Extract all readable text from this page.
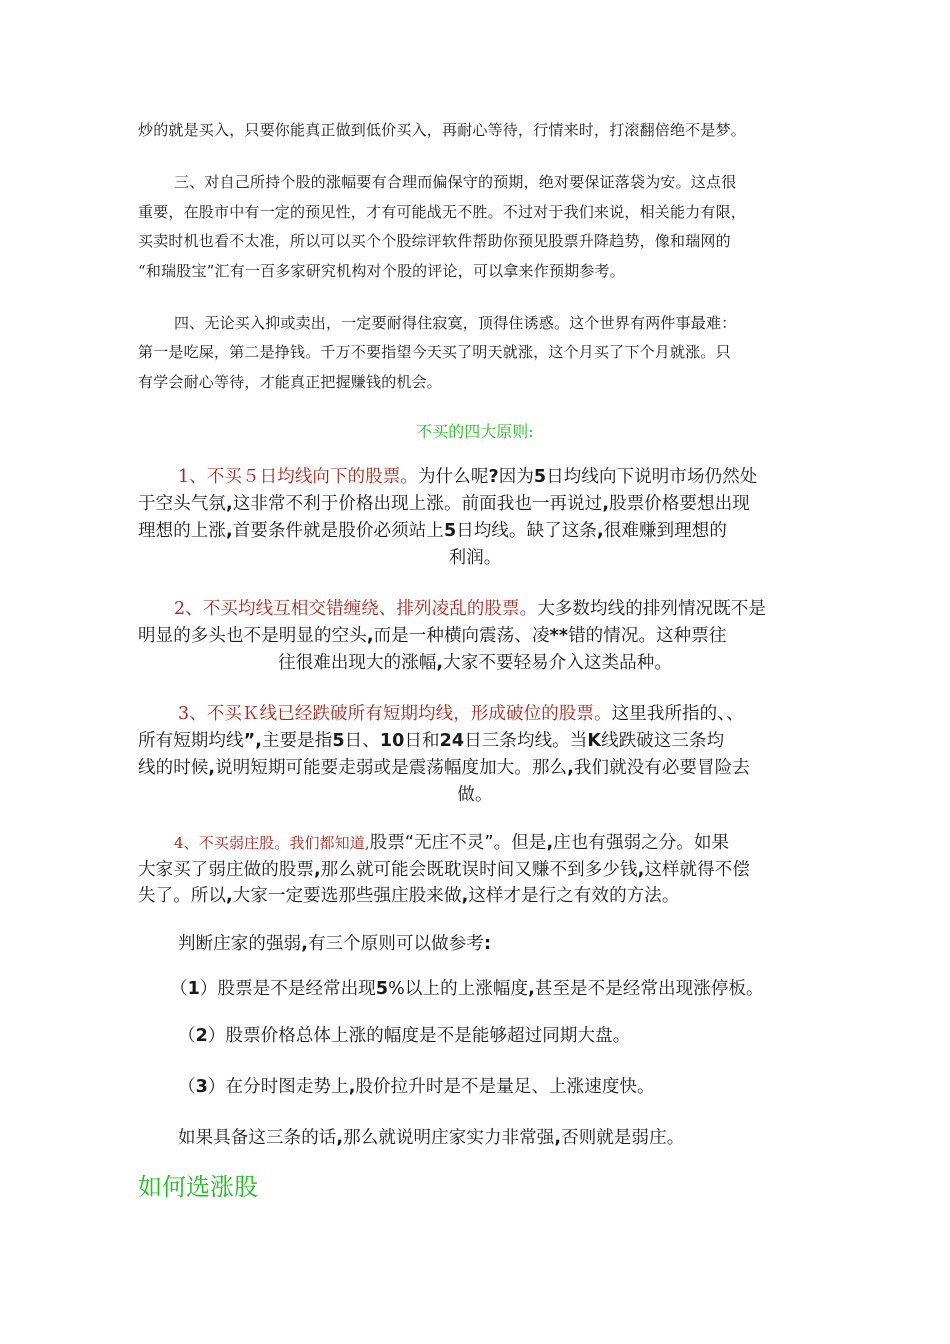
炒的就是买入，只要你能真正做到低价买入，再耐心等待，行情来时，打滚翻倍绝不是梦。
三、对自己所持个股的涨幅要有合理而偏保守的预期，绝对要保证落袋为安。这点很
重要，在股市中有一定的预见性，才有可能战无不胜。不过对于我们来说，相关能力有限，
买卖时机也看不太准，所以可以买个个股综评软件帮助你预见股票升降趋势，像和瑞网的
“和瑞股宝”汇有一百多家研究机构对个股的评论，可以拿来作预期参考。
四、无论买入抑或卖出，一定要耐得住寂寞，顶得住诱惑。这个世界有两件事最难：
第一是吃屎，第二是挣钱。千万不要指望今天买了明天就涨，这个月买了下个月就涨。只
有学会耐心等待，才能真正把握赚钱的机会。
不买的四大原则:
1、不买５日均线向下的股票。为什么呢?因为5日均线向下说明市场仍然处
于空头气氛,这非常不利于价格出现上涨。前面我也一再说过,股票价格要想出现
理想的上涨,首要条件就是股价必须站上5日均线。缺了这条,很难赚到理想的
利润。
2、不买均线互相交错缠绕、排列凌乱的股票。大多数均线的排列情况既不是
明显的多头也不是明显的空头,而是一种横向震荡、凌**错的情况。这种票往
往很难出现大的涨幅,大家不要轻易介入这类品种。
3、不买Ｋ线已经跌破所有短期均线，形成破位的股票。这里我所指的、、
所有短期均线”,主要是指5日、10日和24日三条均线。当K线跌破这三条均
线的时候,说明短期可能要走弱或是震荡幅度加大。那么,我们就没有必要冒险去
做。
4、不买弱庄股。我们都知道,股票“无庄不灵”。但是,庄也有强弱之分。如果
大家买了弱庄做的股票,那么就可能会既耽误时间又赚不到多少钱,这样就得不偿
失了。所以,大家一定要选那些强庄股来做,这样才是行之有效的方法。
判断庄家的强弱,有三个原则可以做参考:
（1）股票是不是经常出现5%以上的上涨幅度,甚至是不是经常出现涨停板。
（2）股票价格总体上涨的幅度是不是能够超过同期大盘。
（3）在分时图走势上,股价拉升时是不是量足、上涨速度快。
如果具备这三条的话,那么就说明庄家实力非常强,否则就是弱庄。
如何选涨股
